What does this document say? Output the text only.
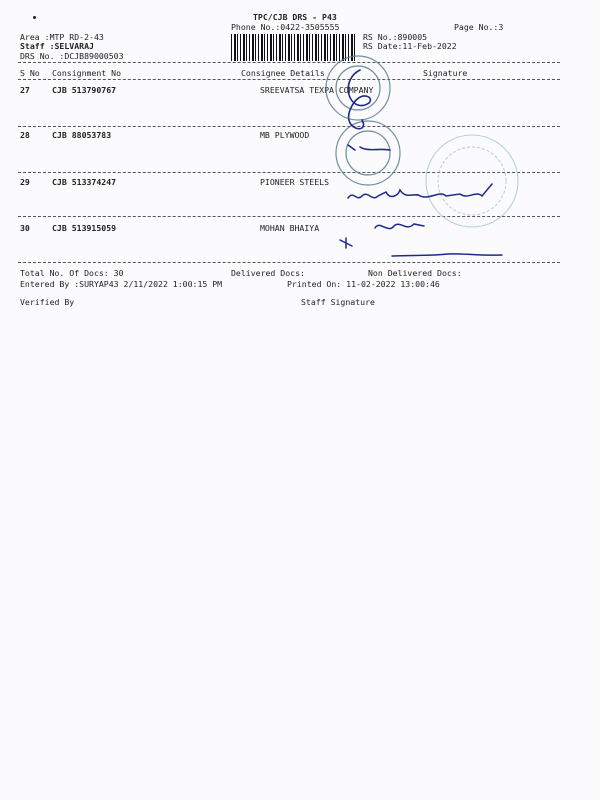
TPC/CJB DRS - P43
Phone No.:0422-3505555	Page No.:3
Area :MTP RD-2-43
Staff :SELVARAJ
DRS No. :DCJB89000503
RS No.:890005
RS Date:11-Feb-2022
S No Consignment No	Consignee Details	Signature
27	CJB 513790767	SREEVATSA TEXPA COMPANY
28	CJB 88053783	MB PLYWOOD
29	CJB 513374247	PIONEER STEELS
30	CJB 513915059	MOHAN BHAIYA
Total No. Of Docs: 30	Delivered Docs:	Non Delivered Docs:
Entered By :SURYAP43 2/11/2022 1:00:15 PM	Printed On: 11-02-2022 13:00:46
Verified By	Staff Signature
